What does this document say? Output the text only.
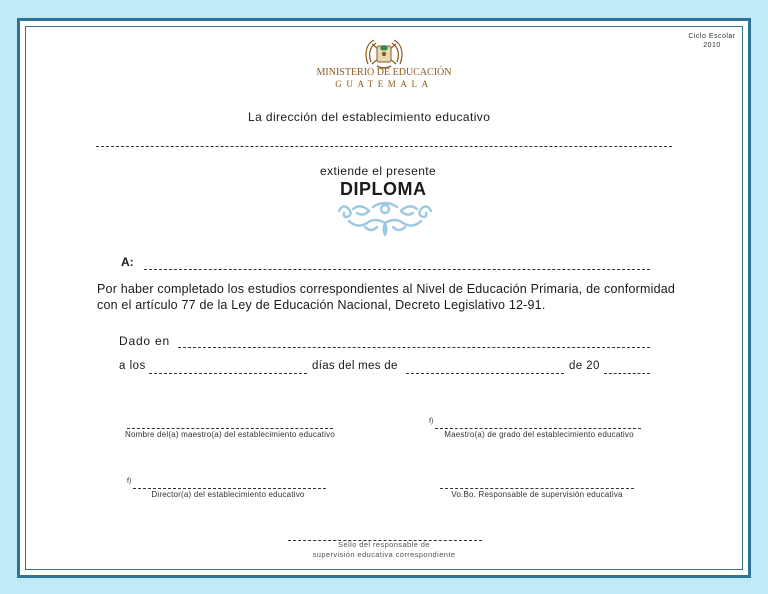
Ciclo Escolar
2010
MINISTERIO DE EDUCACIÓN
GUATEMALA
La dirección del establecimiento educativo
extiende el presente
DIPLOMA
A:
Por haber completado los estudios correspondientes al Nivel de Educación Primaria, de conformidad con el artículo 77 de la Ley de Educación Nacional, Decreto Legislativo 12-91.
Dado en
a los	días del mes de	de 20
Nombre del(a) maestro(a) del establecimiento educativo
f)
Maestro(a) de grado del establecimiento educativo
f)
Director(a) del establecimiento educativo	Vo.Bo. Responsable de supervisión educativa
Sello del responsable de
supervisión educativa correspondiente
